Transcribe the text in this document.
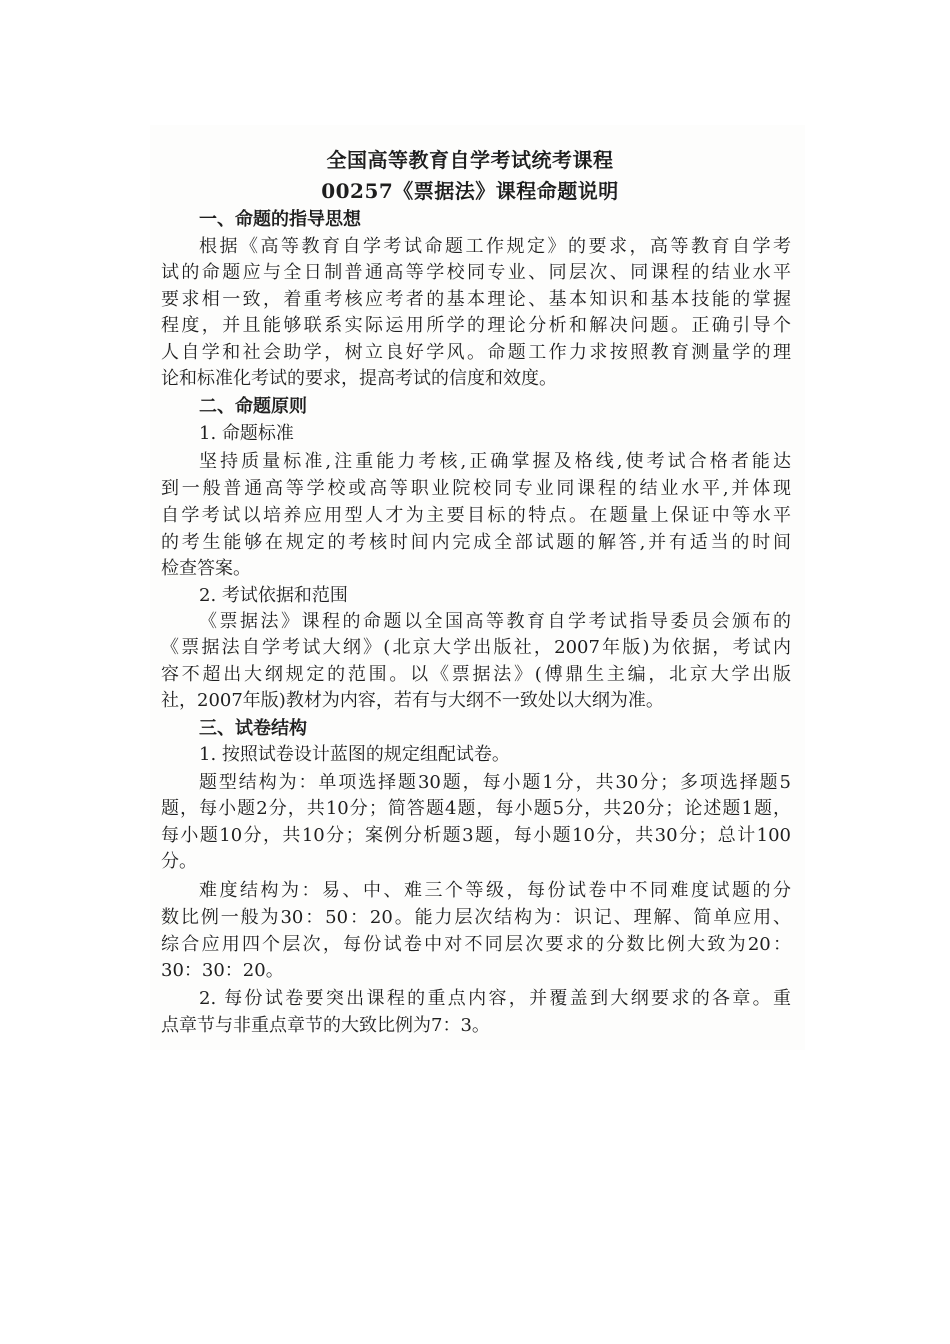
全国高等教育自学考试统考课程
00257《票据法》课程命题说明
一、命题的指导思想
根据《高等教育自学考试命题工作规定》的要求，高等教育自学考
试的命题应与全日制普通高等学校同专业、同层次、同课程的结业水平
要求相一致，着重考核应考者的基本理论、基本知识和基本技能的掌握
程度，并且能够联系实际运用所学的理论分析和解决问题。正确引导个
人自学和社会助学，树立良好学风。命题工作力求按照教育测量学的理
论和标准化考试的要求，提高考试的信度和效度。
二、命题原则
1. 命题标准
坚持质量标准,注重能力考核,正确掌握及格线,使考试合格者能达
到一般普通高等学校或高等职业院校同专业同课程的结业水平,并体现
自学考试以培养应用型人才为主要目标的特点。在题量上保证中等水平
的考生能够在规定的考核时间内完成全部试题的解答,并有适当的时间
检查答案。
2. 考试依据和范围
《票据法》课程的命题以全国高等教育自学考试指导委员会颁布的
《票据法自学考试大纲》(北京大学出版社，2007年版)为依据，考试内
容不超出大纲规定的范围。以《票据法》(傅鼎生主编，北京大学出版
社，2007年版)教材为内容，若有与大纲不一致处以大纲为准。
三、试卷结构
1. 按照试卷设计蓝图的规定组配试卷。
题型结构为：单项选择题30题，每小题1分，共30分；多项选择题5
题，每小题2分，共10分；简答题4题，每小题5分，共20分；论述题1题，
每小题10分，共10分；案例分析题3题，每小题10分，共30分；总计100
分。
难度结构为：易、中、难三个等级，每份试卷中不同难度试题的分
数比例一般为30：50：20。能力层次结构为：识记、理解、简单应用、
综合应用四个层次，每份试卷中对不同层次要求的分数比例大致为20：
30：30：20。
2. 每份试卷要突出课程的重点内容，并覆盖到大纲要求的各章。重
点章节与非重点章节的大致比例为7：3。
